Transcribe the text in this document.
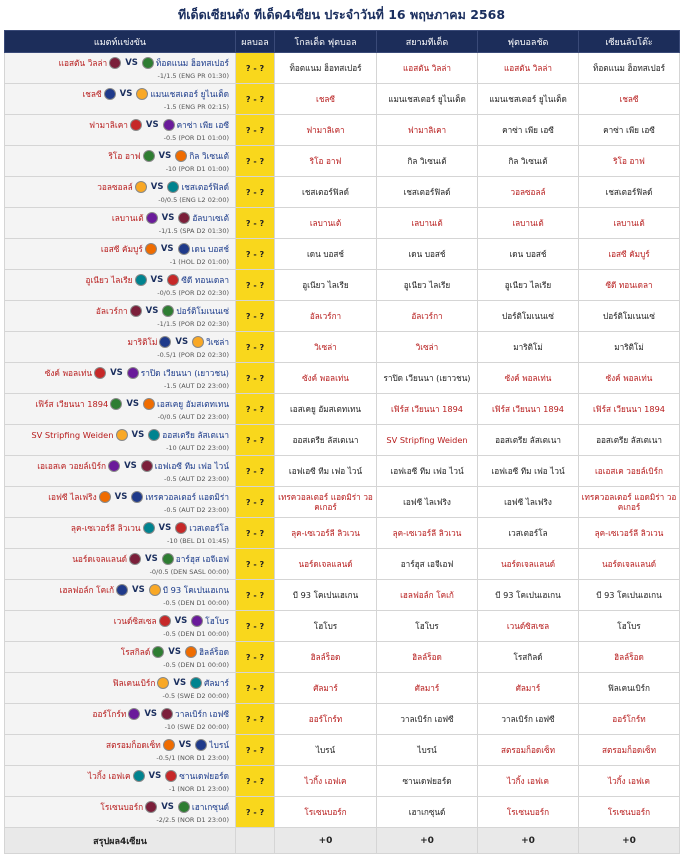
ทีเด็ดเซียนดัง ทีเด็ด4เซียน ประจำวันที่ 16 พฤษภาคม 2568
แมตท์แข่งขัน	ผลบอล	โกลเด็ด ฟุตบอล	สยามทีเด็ด	ฟุตบอลชัด	เซียนลับโต๊ะ

แอสตัน วิลล่า VS ท็อตแนม ฮ็อทสเปอร์
-1/1.5 (ENG PR 01:30)	? - ?	ท็อตแนม ฮ็อทสเปอร์	แอสตัน วิลล่า	แอสตัน วิลล่า	ท็อตแนม ฮ็อทสเปอร์

เชลซี VS แมนเชสเตอร์ ยูไนเต็ด
-1.5 (ENG PR 02:15)	? - ?	เชลซี	แมนเชสเตอร์ ยูไนเต็ด	แมนเชสเตอร์ ยูไนเต็ด	เชลซี

ฟามาลิเคา VS คาซ่า เพีย เอซี
-0.5 (POR D1 01:00)	? - ?	ฟามาลิเคา	ฟามาลิเคา	คาซ่า เพีย เอซี	คาซ่า เพีย เอซี

ริโอ อาฟ VS กิล วิเซนเต้
-10 (POR D1 01:00)	? - ?	ริโอ อาฟ	กิล วิเซนเต้	กิล วิเซนเต้	ริโอ อาฟ

วอลซอลล์ VS เชสเตอร์ฟิลด์
-0/0.5 (ENG L2 02:00)	? - ?	เชสเตอร์ฟิลด์	เชสเตอร์ฟิลด์	วอลซอลล์	เชสเตอร์ฟิลด์

เลบานเต้ VS อัลบาเซเต้
-1/1.5 (SPA D2 01:30)	? - ?	เลบานเต้	เลบานเต้	เลบานเต้	เลบานเต้

เอสซี คัมบูร์ VS เดน บอสช์
-1 (HOL D2 01:00)	? - ?	เดน บอสช์	เดน บอสช์	เดน บอสช์	เอสซี คัมบูร์

อูเนียว ไลเรีย VS ซีดี ทอนเดลา
-0/0.5 (POR D2 02:30)	? - ?	อูเนียว ไลเรีย	อูเนียว ไลเรีย	อูเนียว ไลเรีย	ซีดี ทอนเดลา

อัลเวร์กา VS ปอร์ติโมเนนเซ่
-1/1.5 (POR D2 02:30)	? - ?	อัลเวร์กา	อัลเวร์กา	ปอร์ติโมเนนเซ่	ปอร์ติโมเนนเซ่

มาริติโม่ VS วิเซล่า
-0.5/1 (POR D2 02:30)	? - ?	วิเซล่า	วิเซล่า	มาริติโม่	มาริติโม่

ซังค์ พอลเท่น VS ราปิด เวียนนา (เยาวชน)
-1.5 (AUT D2 23:00)	? - ?	ซังค์ พอลเท่น	ราปิด เวียนนา (เยาวชน)	ซังค์ พอลเท่น	ซังค์ พอลเท่น

เฟิร์ส เวียนนา 1894 VS เอสเคยู อัมสเตทเทน
-0/0.5 (AUT D2 23:00)	? - ?	เอสเคยู อัมสเตทเทน	เฟิร์ส เวียนนา 1894	เฟิร์ส เวียนนา 1894	เฟิร์ส เวียนนา 1894

SV Stripfing Weiden VS ออสเตรีย ลัสเตเนา
-10 (AUT D2 23:00)	? - ?	ออสเตรีย ลัสเตเนา	SV Stripfing Weiden	ออสเตรีย ลัสเตเนา	ออสเตรีย ลัสเตเนา

เอเอสเค วอยล์เบิร์ก VS เอฟเอซี ทีม เฟอ ไวน์
-0.5 (AUT D2 23:00)	? - ?	เอฟเอซี ทีม เฟอ ไวน์	เอฟเอซี ทีม เฟอ ไวน์	เอฟเอซี ทีม เฟอ ไวน์	เอเอสเค วอยล์เบิร์ก

เอฟซี ไลเฟริง VS เทรควอลเตอร์ แอดมิร่า
-0.5 (AUT D2 23:00)	? - ?	เทรควอลเตอร์ แอดมิร่า วอคเกอร์	เอฟซี ไลเฟริง	เอฟซี ไลเฟริง	เทรควอลเตอร์ แอดมิร่า วอคเกอร์

ลุค-เซเวอร์ลี ลิวเวน VS เวสเตอร์โล
-10 (BEL D1 01:45)	? - ?	ลุค-เซเวอร์ลี ลิวเวน	ลุค-เซเวอร์ลี ลิวเวน	เวสเตอร์โล	ลุค-เซเวอร์ลี ลิวเวน

นอร์ดเจลแลนด์ VS อาร์ฮุส เอจีเอฟ
-0/0.5 (DEN SASL 00:00)	? - ?	นอร์ดเจลแลนด์	อาร์ฮุส เอจีเอฟ	นอร์ดเจลแลนด์	นอร์ดเจลแลนด์

เฮลฟอล์ก โคเก้ VS บี 93 โคเปนเฮเกน
-0.5 (DEN D1 00:00)	? - ?	บี 93 โคเปนเฮเกน	เฮลฟอล์ก โคเก้	บี 93 โคเปนเฮเกน	บี 93 โคเปนเฮเกน

เวนด์ซิสเซล VS โฮโบร
-0.5 (DEN D1 00:00)	? - ?	โฮโบร	โฮโบร	เวนด์ซิสเซล	โฮโบร

โรสกิลด์ VS ฮิลล์ร็อด
-0.5 (DEN D1 00:00)	? - ?	ฮิลล์ร็อด	ฮิลล์ร็อด	โรสกิลด์	ฮิลล์ร็อด

ฟิลเคนเบิร์ก VS ศัลมาร์
-0.5 (SWE D2 00:00)	? - ?	ศัลมาร์	ศัลมาร์	ศัลมาร์	ฟิลเคนเบิร์ก

ออร์โกร์ท VS วาลเบิร์ก เอฟซี
-10 (SWE D2 00:00)	? - ?	ออร์โกร์ท	วาลเบิร์ก เอฟซี	วาลเบิร์ก เอฟซี	ออร์โกร์ท

สตรอมก็อดเซ็ท VS ไบรน์
-0.5/1 (NOR D1 23:00)	? - ?	ไบรน์	ไบรน์	สตรอมก็อดเซ็ท	สตรอมก็อดเซ็ท

ไวกิ้ง เอฟเค VS ซานเดฟยอร์ด
-1 (NOR D1 23:00)	? - ?	ไวกิ้ง เอฟเค	ซานเดฟยอร์ด	ไวกิ้ง เอฟเค	ไวกิ้ง เอฟเค

โรเซนบอร์ก VS เฮาเกซุนด์
-2/2.5 (NOR D1 23:00)	? - ?	โรเซนบอร์ก	เฮาเกซุนด์	โรเซนบอร์ก	โรเซนบอร์ก
สรุปผล4เซียน		+0	+0	+0	+0
